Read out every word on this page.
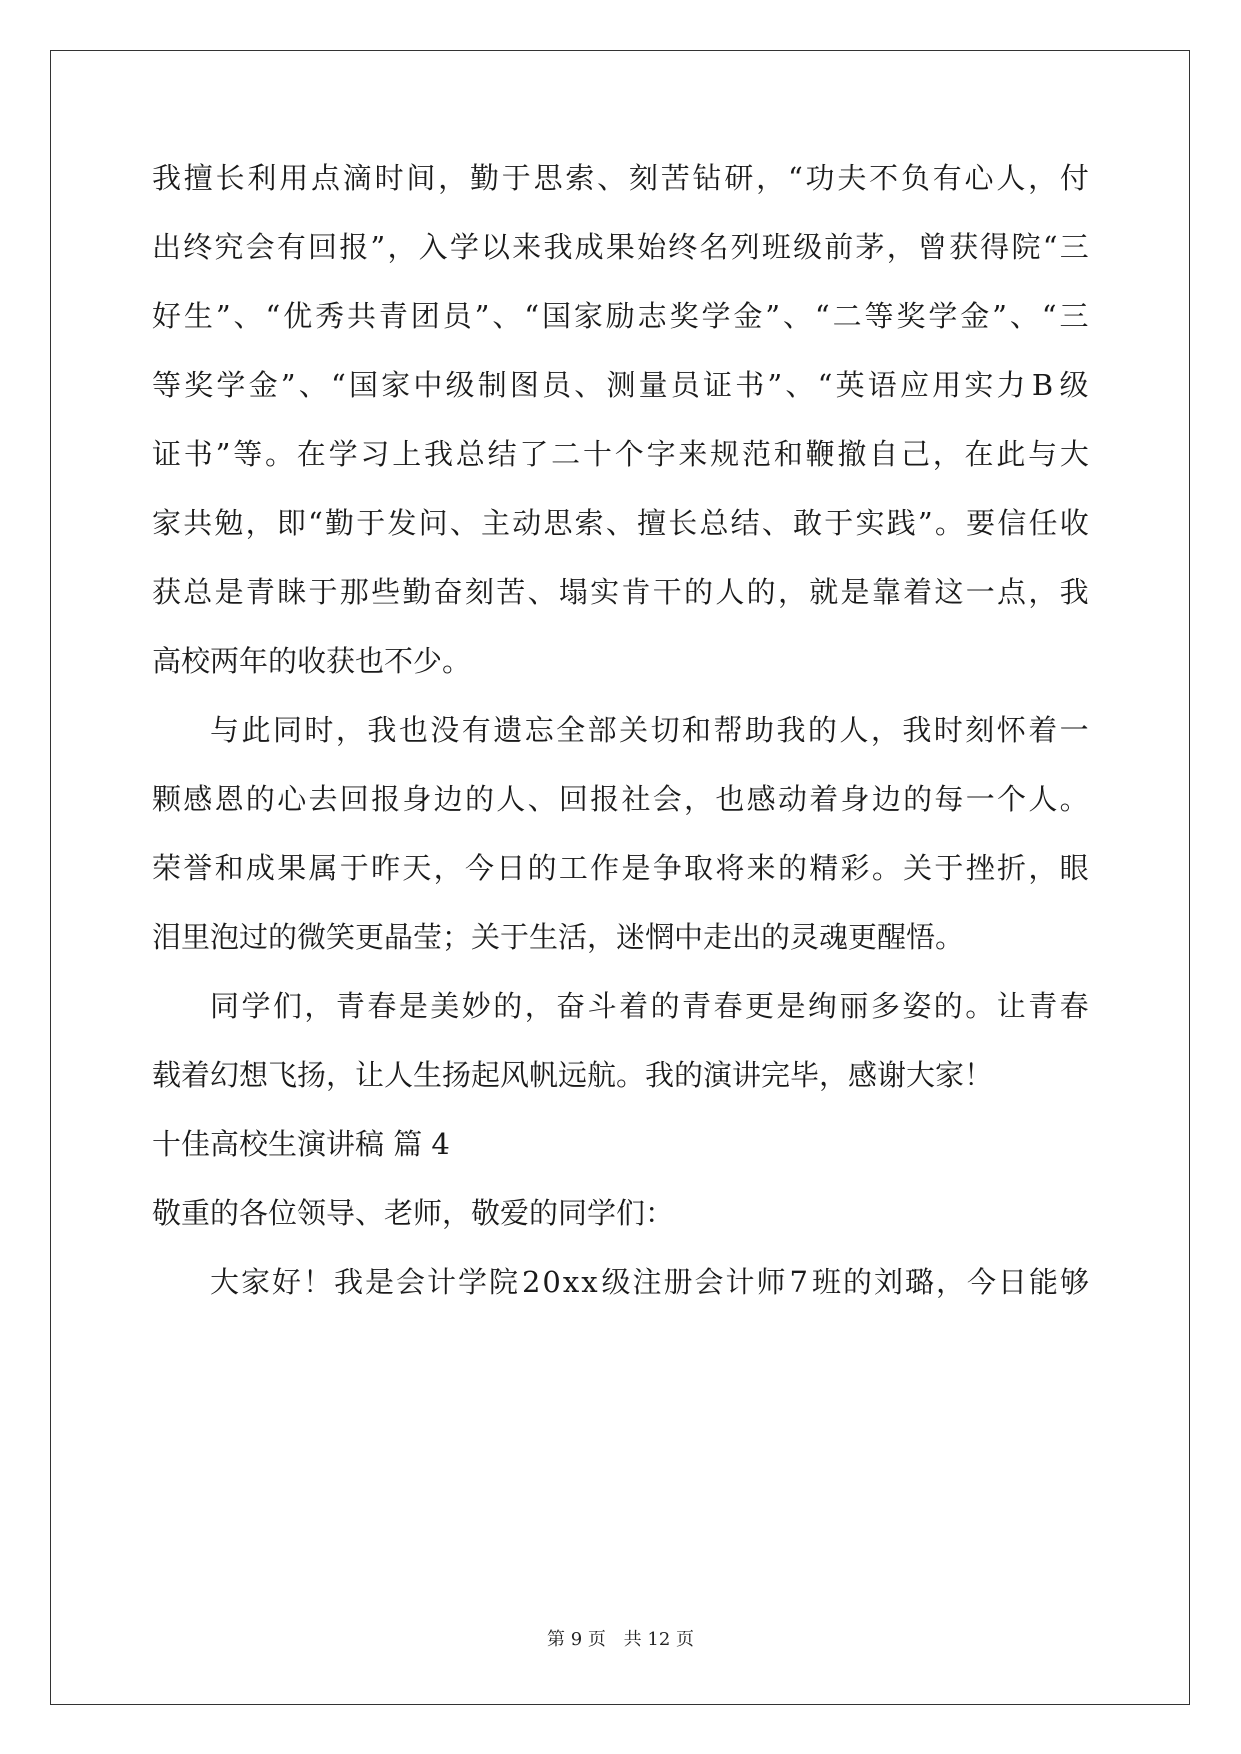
我 擅 长 利 用 点 滴 时 间 ， 勤 于 思 索 、 刻 苦 钻 研 ， “ 功 夫 不 负 有 心 人 ， 付
出 终 究 会 有 回 报 ” ， 入 学 以 来 我 成 果 始 终 名 列 班 级 前 茅 ， 曾 获 得 院 “ 三
好 生 ” 、 “ 优 秀 共 青 团 员 ” 、 “ 国 家 励 志 奖 学 金 ” 、 “ 二 等 奖 学 金 ” 、 “ 三
等 奖 学 金 ” 、 “ 国 家 中 级 制 图 员 、 测 量 员 证 书 ” 、 “ 英 语 应 用 实 力 B 级
证 书 ” 等 。 在 学 习 上 我 总 结 了 二 十 个 字 来 规 范 和 鞭 撤 自 己 ， 在 此 与 大
家 共 勉 ， 即 “ 勤 于 发 问 、 主 动 思 索 、 擅 长 总 结 、 敢 于 实 践 ” 。 要 信 任 收
获 总 是 青 睐 于 那 些 勤 奋 刻 苦 、 塌 实 肯 干 的 人 的 ， 就 是 靠 着 这 一 点 ， 我
高校两年的收获也不少。
与 此 同 时 ， 我 也 没 有 遗 忘 全 部 关 切 和 帮 助 我 的 人 ， 我 时 刻 怀 着 一
颗 感 恩 的 心 去 回 报 身 边 的 人 、 回 报 社 会 ， 也 感 动 着 身 边 的 每 一 个 人 。
荣 誉 和 成 果 属 于 昨 天 ， 今 日 的 工 作 是 争 取 将 来 的 精 彩 。 关 于 挫 折 ， 眼
泪里泡过的微笑更晶莹；关于生活，迷惘中走出的灵魂更醒悟。
同 学 们 ， 青 春 是 美 妙 的 ， 奋 斗 着 的 青 春 更 是 绚 丽 多 姿 的 。 让 青 春
载着幻想飞扬，让人生扬起风帆远航。我的演讲完毕，感谢大家！
十佳高校生演讲稿 篇 4
敬重的各位领导、老师，敬爱的同学们：
大 家 好 ！ 我 是 会 计 学 院 2 0 x x 级 注 册 会 计 师 7 班 的 刘 璐 ， 今 日 能 够
第 9 页 共 12 页
